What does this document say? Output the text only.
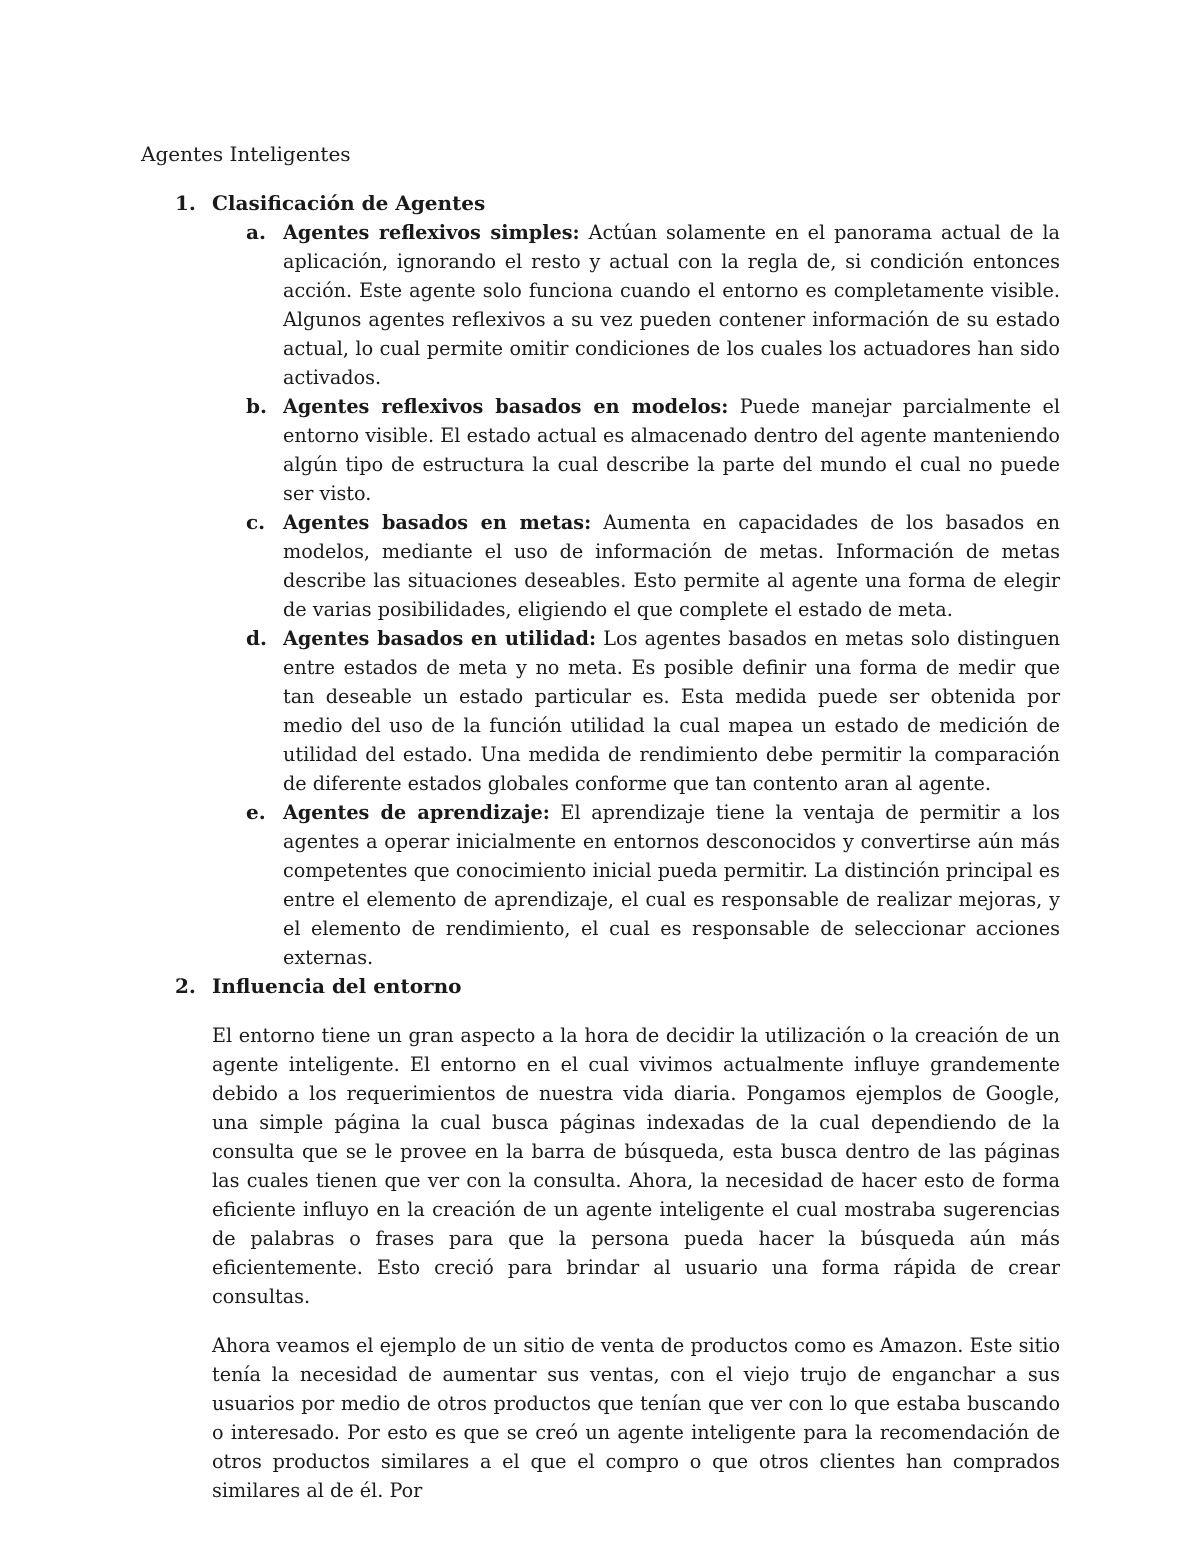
Agentes Inteligentes
1. Clasificación de Agentes
a. Agentes reflexivos simples: Actúan solamente en el panorama actual de la aplicación, ignorando el resto y actual con la regla de, si condición entonces acción. Este agente solo funciona cuando el entorno es completamente visible. Algunos agentes reflexivos a su vez pueden contener información de su estado actual, lo cual permite omitir condiciones de los cuales los actuadores han sido activados.
b. Agentes reflexivos basados en modelos: Puede manejar parcialmente el entorno visible. El estado actual es almacenado dentro del agente manteniendo algún tipo de estructura la cual describe la parte del mundo el cual no puede ser visto.
c. Agentes basados en metas: Aumenta en capacidades de los basados en modelos, mediante el uso de información de metas. Información de metas describe las situaciones deseables. Esto permite al agente una forma de elegir de varias posibilidades, eligiendo el que complete el estado de meta.
d. Agentes basados en utilidad: Los agentes basados en metas solo distinguen entre estados de meta y no meta. Es posible definir una forma de medir que tan deseable un estado particular es. Esta medida puede ser obtenida por medio del uso de la función utilidad la cual mapea un estado de medición de utilidad del estado. Una medida de rendimiento debe permitir la comparación de diferente estados globales conforme que tan contento aran al agente.
e. Agentes de aprendizaje: El aprendizaje tiene la ventaja de permitir a los agentes a operar inicialmente en entornos desconocidos y convertirse aún más competentes que conocimiento inicial pueda permitir. La distinción principal es entre el elemento de aprendizaje, el cual es responsable de realizar mejoras, y el elemento de rendimiento, el cual es responsable de seleccionar acciones externas.
2. Influencia del entorno

El entorno tiene un gran aspecto a la hora de decidir la utilización o la creación de un agente inteligente. El entorno en el cual vivimos actualmente influye grandemente debido a los requerimientos de nuestra vida diaria. Pongamos ejemplos de Google, una simple página la cual busca páginas indexadas de la cual dependiendo de la consulta que se le provee en la barra de búsqueda, esta busca dentro de las páginas las cuales tienen que ver con la consulta. Ahora, la necesidad de hacer esto de forma eficiente influyo en la creación de un agente inteligente el cual mostraba sugerencias de palabras o frases para que la persona pueda hacer la búsqueda aún más eficientemente. Esto creció para brindar al usuario una forma rápida de crear consultas.

Ahora veamos el ejemplo de un sitio de venta de productos como es Amazon. Este sitio tenía la necesidad de aumentar sus ventas, con el viejo trujo de enganchar a sus usuarios por medio de otros productos que tenían que ver con lo que estaba buscando o interesado. Por esto es que se creó un agente inteligente para la recomendación de otros productos similares a el que el compro o que otros clientes han comprados similares al de él. Por
